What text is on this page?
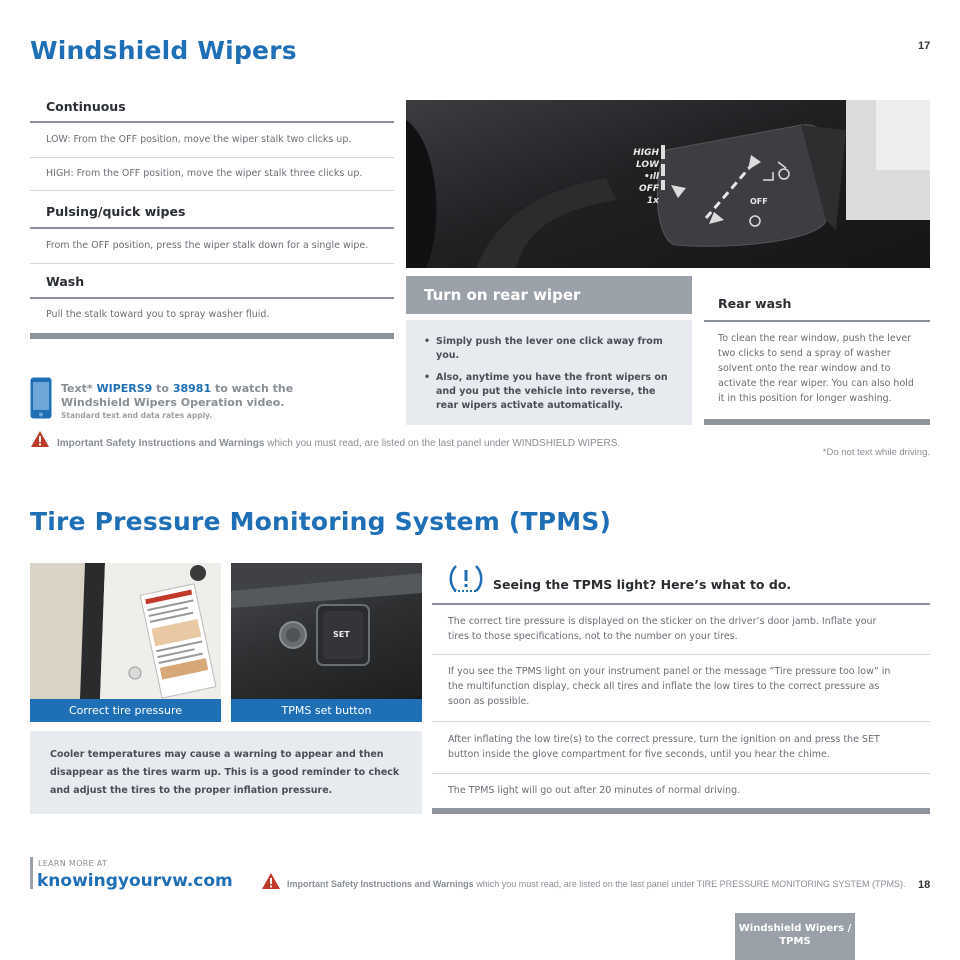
Windshield Wipers	17
Continuous
LOW: From the OFF position, move the wiper stalk two clicks up.
HIGH: From the OFF position, move the wiper stalk three clicks up.
Pulsing/quick wipes
From the OFF position, press the wiper stalk down for a single wipe.
Wash
Pull the stalk toward you to spray washer fluid.
Text* WIPERS9 to 38981 to watch the
Windshield Wipers Operation video.
Standard text and data rates apply.
HIGH
LOW
•ıll
OFF
1x	OFF
Turn on rear wiper
• Simply push the lever one click away from you.
• Also, anytime you have the front wipers on and you put the vehicle into reverse, the rear wipers activate automatically.
Rear wash
To clean the rear window, push the lever two clicks to send a spray of washer solvent onto the rear window and to activate the rear wiper. You can also hold it in this position for longer washing.
Important Safety Instructions and Warnings which you must read, are listed on the last panel under WINDSHIELD WIPERS.
*Do not text while driving.
Tire Pressure Monitoring System (TPMS)
Correct tire pressure
SET
TPMS set button
Cooler temperatures may cause a warning to appear and then disappear as the tires warm up. This is a good reminder to check and adjust the tires to the proper inflation pressure.
Seeing the TPMS light? Here’s what to do.
The correct tire pressure is displayed on the sticker on the driver’s door jamb. Inflate your tires to those specifications, not to the number on your tires.
If you see the TPMS light on your instrument panel or the message “Tire pressure too low” in the multifunction display, check all tires and inflate the low tires to the correct pressure as soon as possible.
After inflating the low tire(s) to the correct pressure, turn the ignition on and press the SET button inside the glove compartment for five seconds, until you hear the chime.
The TPMS light will go out after 20 minutes of normal driving.
LEARN MORE AT
knowingyourvw.com	Important Safety Instructions and Warnings which you must read, are listed on the last panel under TIRE PRESSURE MONITORING SYSTEM (TPMS). 18
Windshield Wipers / TPMS
